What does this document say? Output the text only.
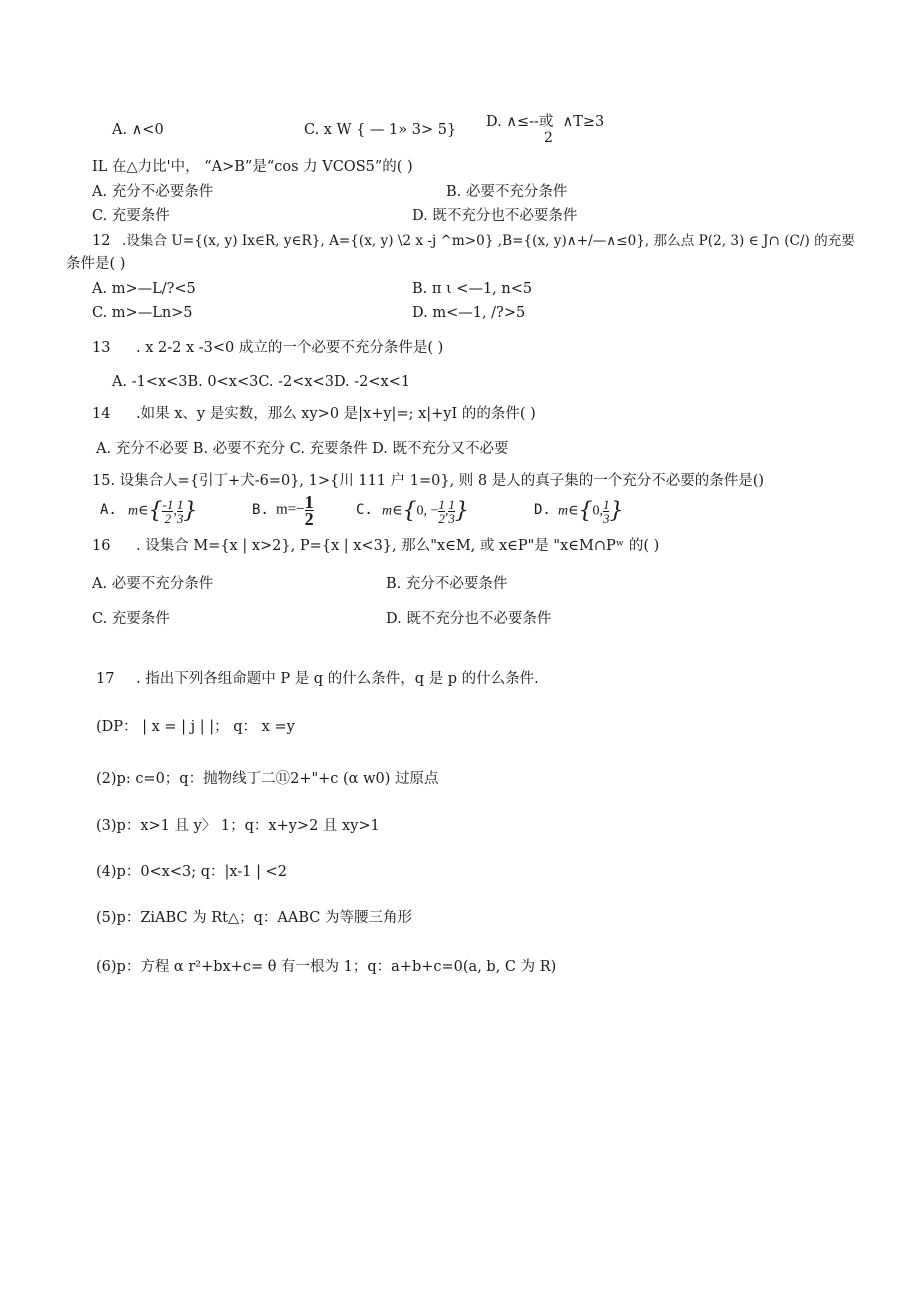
A. ∧<0	C. x W { — 1» 3> 5} D. ∧≤--或 ∧T≥3
2
IL 在△力比'中， “A>B”是“cos 力 VCOS5”的( )
A. 充分不必要条件	B. 必要不充分条件
C. 充要条件	D. 既不充分也不必要条件
12 .设集合 U={(x, y) Ix∈R, y∈R}, A={(x, y) \2 x -j ^m>0} ,B={(x, y)∧+/—∧≤0}, 那么点 P(2, 3) ∈ J∩ (C/) 的充要
条件是( )
A. m>—L/?<5	B. π ι <—1, n<5
C. m>—Ln>5	D. m<—1, /?>5
13 . x 2-2 x -3<0 成立的一个必要不充分条件是( )
A. -1<x<3B. 0<x<3C. -2<x<3D. -2<x<1
14 .如果 x、y 是实数，那么 xy>0 是|x+y|=; x|+yI 的的条件( )
A. 充分不必要 B. 必要不充分 C. 充要条件 D. 既不充分又不必要
15. 设集合人={引丁+犬-6=0}, 1>{川 111 户 1=0}, 则 8 是人的真子集的一个充分不必要的条件是()
A. m∈{ $\frac{-1}{2}$ , $\frac{1}{3}$ }	B. $m=- \frac{1}{2}$	C. m∈{0, − $\frac{1}{2}$ , $\frac{1}{3}$ }	D. m∈{0, $\frac{1}{3}$ }
16 . 设集合 M={x | x>2}, P={x | x<3}, 那么"x∈M, 或 x∈P"是 "x∈M∩Pʷ 的( )
A. 必要不充分条件	B. 充分不必要条件
C. 充要条件	D. 既不充分也不必要条件
17 . 指出下列各组命题中 P 是 q 的什么条件，q 是 p 的什么条件.
(DP： | x = | j | |； q： x =y
(2)p: c=0；q：抛物线丁二⑪2+"+c (α w0) 过原点
(3)p：x>1 且 y〉 1；q：x+y>2 且 xy>1
(4)p：0<x<3; q：|x-1 | <2
(5)p：ZiABC 为 Rt△；q：AABC 为等腰三角形
(6)p：方程 α r²+bx+c= θ 有一根为 1；q：a+b+c=0(a, b, C 为 R)
